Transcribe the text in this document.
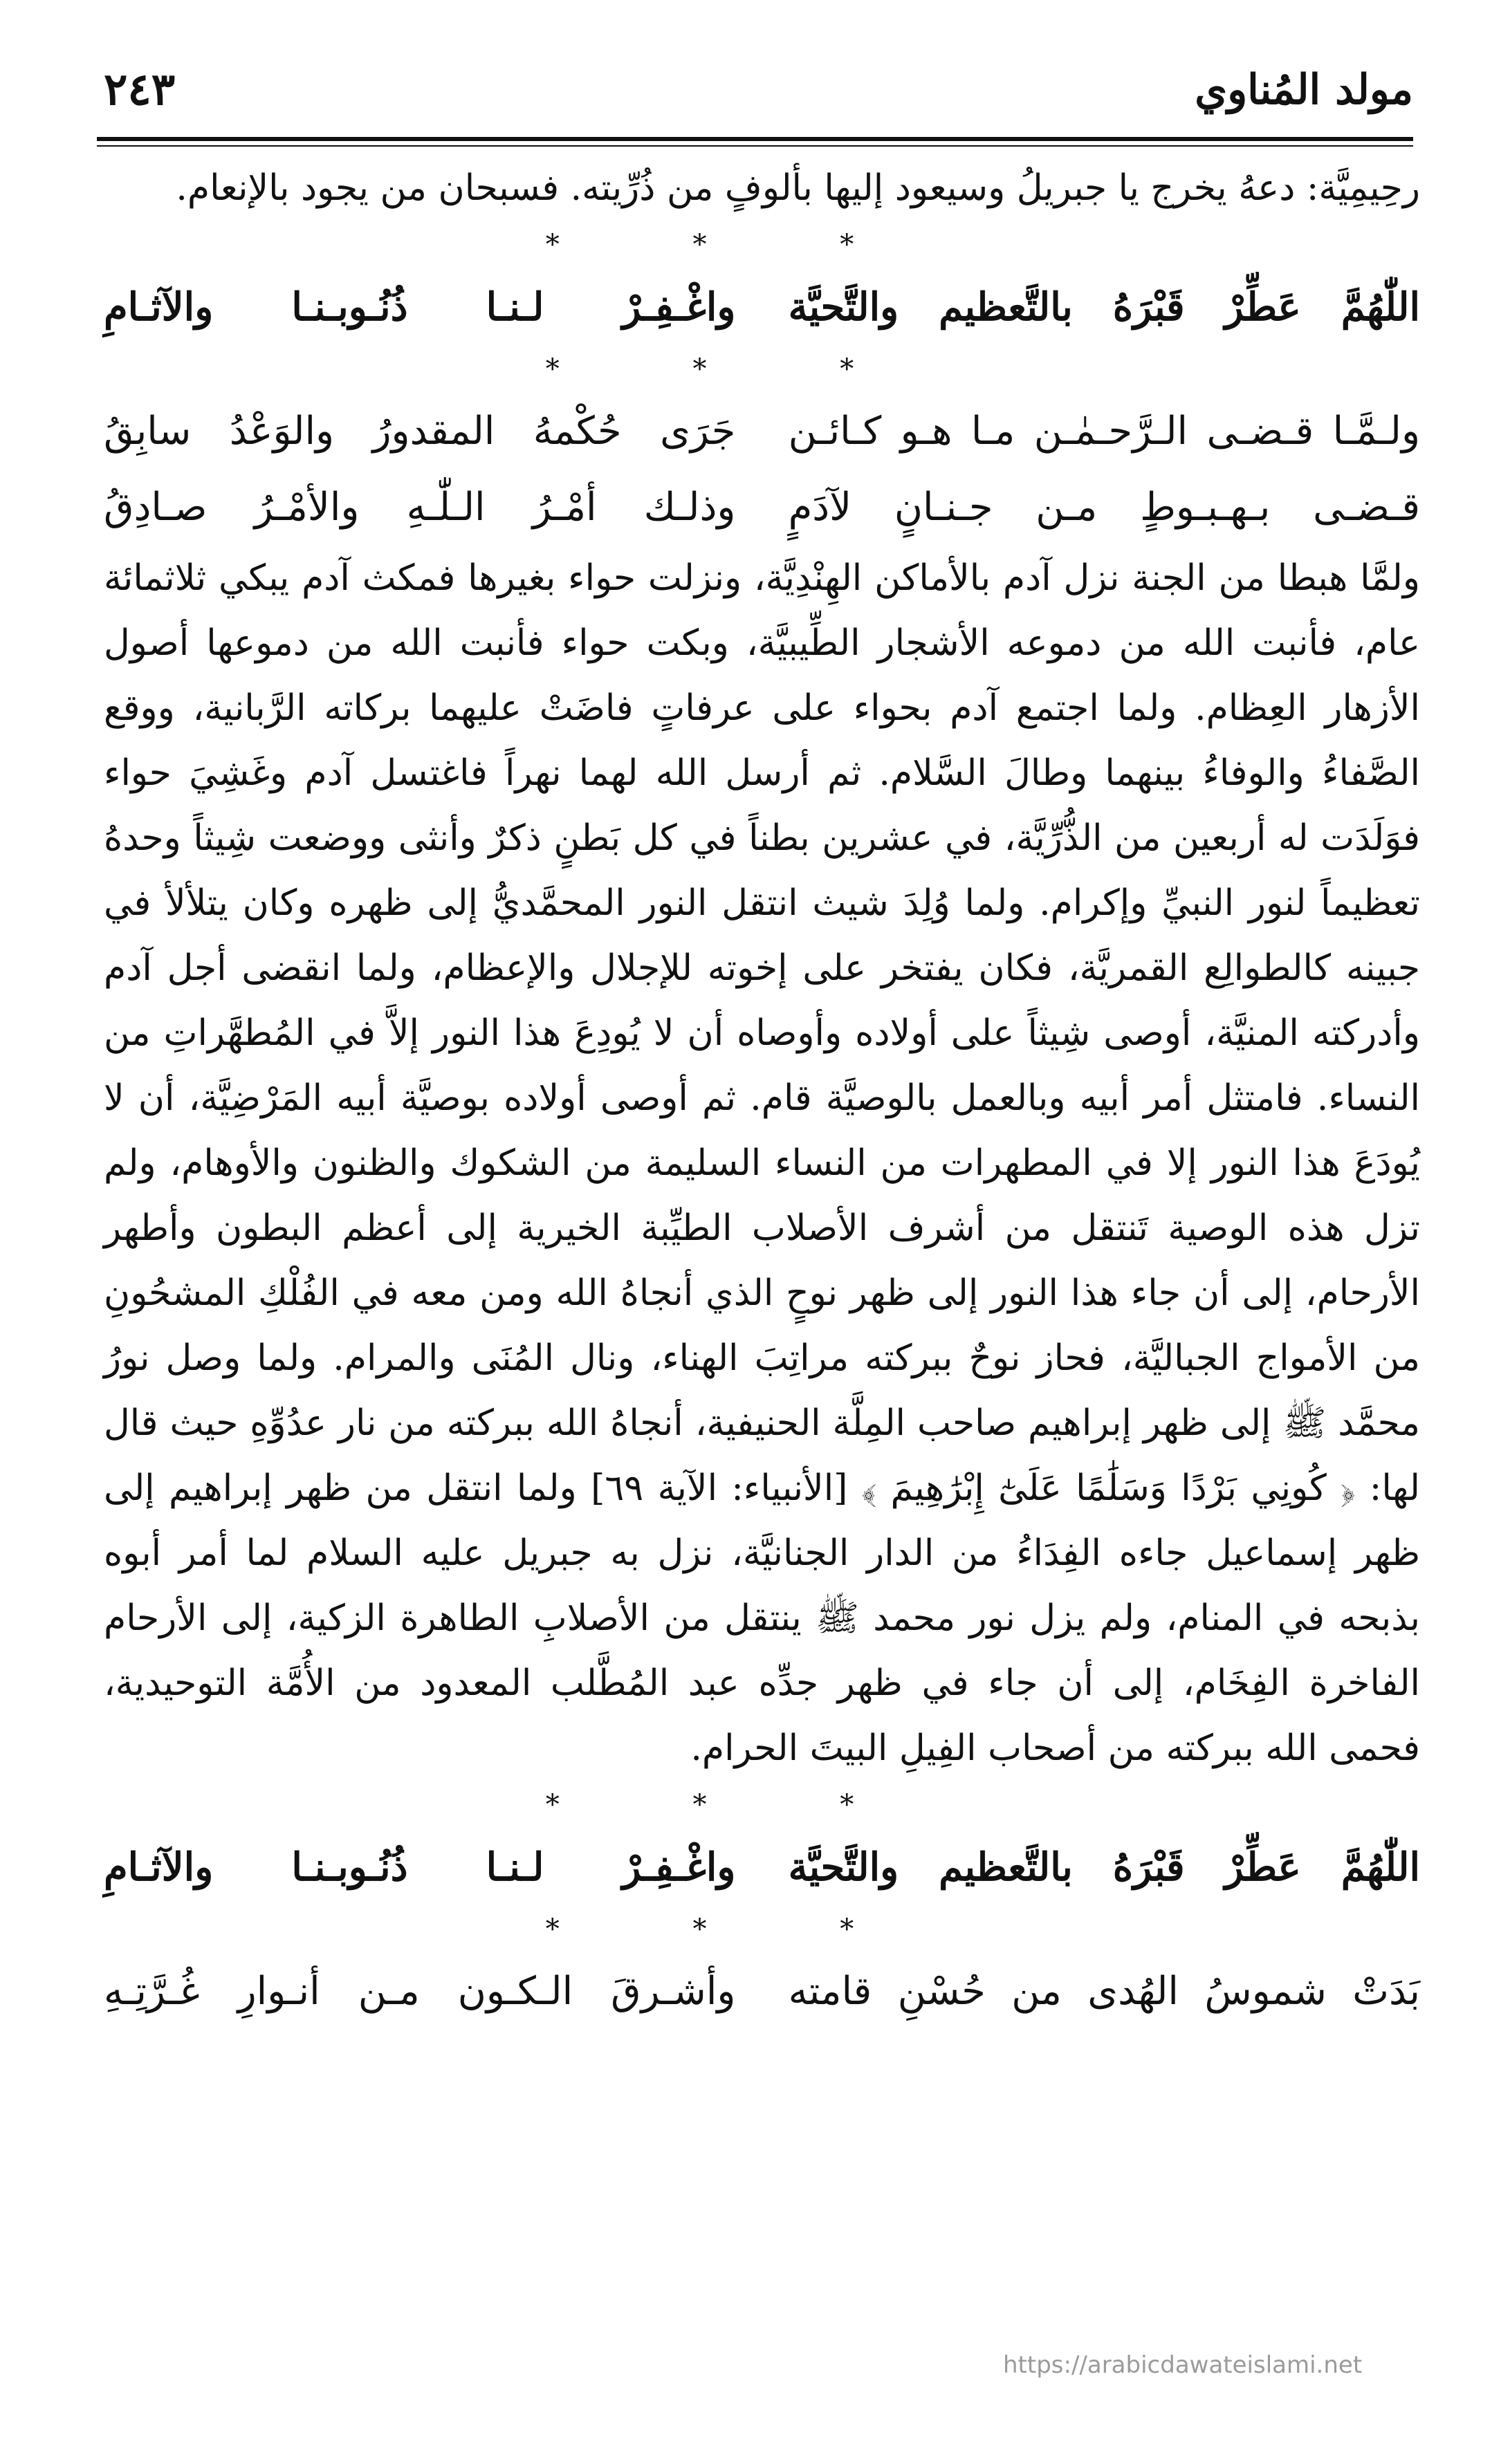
مولد المُناوي
٢٤٣

رحِيمِيَّة: دعهُ يخرج يا جبريلُ وسيعود إليها بألوفٍ من ذُرِّيته. فسبحان من يجود بالإنعام.

* * *
اللّٰهُمَّ عَطِّرْ قَبْرَهُ بالتَّعظيم والتَّحيَّة
واغْـفِـرْ لـنـا ذُنُـوبـنـا والآثـامِ
* * *
ولـمَّـا قـضـى الـرَّحـمٰـن مـا هـو كـائـن
جَرَى حُكْمهُ المقدورُ والوَعْدُ سابِقُ
قـضـى بـهـبـوطٍ مـن جـنـانٍ لآدَمٍ
وذلـك أمْـرُ الـلّٰـهِ والأمْـرُ صـادِقُ

ولمَّا هبطا من الجنة نزل آدم بالأماكن الهِنْدِيَّة، ونزلت حواء بغيرها فمكث آدم يبكي ثلاثمائة عام، فأنبت الله من دموعه الأشجار الطِّيبيَّة، وبكت حواء فأنبت الله من دموعها أصول الأزهار العِظام. ولما اجتمع آدم بحواء على عرفاتٍ فاضَتْ عليهما بركاته الرَّبانية، ووقع الصَّفاءُ والوفاءُ بينهما وطالَ السَّلام. ثم أرسل الله لهما نهراً فاغتسل آدم وغَشِيَ حواء فوَلَدَت له أربعين من الذُّرِّيَّة، في عشرين بطناً في كل بَطنٍ ذكرٌ وأنثى ووضعت شِيثاً وحدهُ تعظيماً لنور النبيِّ وإكرام. ولما وُلِدَ شيث انتقل النور المحمَّديُّ إلى ظهره وكان يتلألأ في جبينه كالطوالِع القمريَّة، فكان يفتخر على إخوته للإجلال والإعظام، ولما انقضى أجل آدم وأدركته المنيَّة، أوصى شِيثاً على أولاده وأوصاه أن لا يُودِعَ هذا النور إلاَّ في المُطهَّراتِ من النساء. فامتثل أمر أبيه وبالعمل بالوصيَّة قام. ثم أوصى أولاده بوصيَّة أبيه المَرْضِيَّة، أن لا يُودَعَ هذا النور إلا في المطهرات من النساء السليمة من الشكوك والظنون والأوهام، ولم تزل هذه الوصية تَنتقل من أشرف الأصلاب الطيِّبة الخيرية إلى أعظم البطون وأطهر الأرحام، إلى أن جاء هذا النور إلى ظهر نوحٍ الذي أنجاهُ الله ومن معه في الفُلْكِ المشحُونِ من الأمواج الجباليَّة، فحاز نوحٌ ببركته مراتِبَ الهناء، ونال المُنَى والمرام. ولما وصل نورُ محمَّد ﷺ إلى ظهر إبراهيم صاحب المِلَّة الحنيفية، أنجاهُ الله ببركته من نار عدُوِّهِ حيث قال لها: ﴿ كُونِي بَرْدًا وَسَلَٰمًا عَلَىٰٓ إِبْرَٰهِيمَ ﴾ [الأنبياء: الآية ٦٩] ولما انتقل من ظهر إبراهيم إلى ظهر إسماعيل جاءه الفِدَاءُ من الدار الجنانيَّة، نزل به جبريل عليه السلام لما أمر أبوه بذبحه في المنام، ولم يزل نور محمد ﷺ ينتقل من الأصلابِ الطاهرة الزكية، إلى الأرحام الفاخرة الفِخَام، إلى أن جاء في ظهر جدِّه عبد المُطَّلب المعدود من الأُمَّة التوحيدية، فحمى الله ببركته من أصحاب الفِيلِ البيتَ الحرام.

* * *
اللّٰهُمَّ عَطِّرْ قَبْرَهُ بالتَّعظيم والتَّحيَّة
واغْـفِـرْ لـنـا ذُنُـوبـنـا والآثـامِ
* * *
بَدَتْ شموسُ الهُدى من حُسْنِ قامته
وأشـرقَ الـكـون مـن أنـوارِ غُـرَّتِـهِ
https://arabicdawateislami.net
